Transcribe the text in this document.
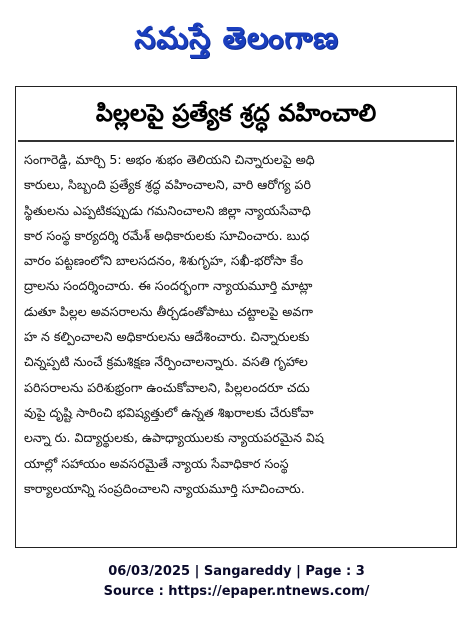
నమస్తే తెలంగాణ
పిల్లలపై ప్రత్యేక శ్రద్ధ వహించాలి
సంగారెడ్డి, మార్చి 5: అభం శుభం తెలియని చిన్నారులపై అధి
కారులు, సిబ్బంది ప్రత్యేక శ్రద్ధ వహించాలని, వారి ఆరోగ్య పరి
స్థితులను ఎప్పటికప్పుడు గమనించాలని జిల్లా న్యాయసేవాధి
కార సంస్థ కార్యదర్శి రమేశ్ అధికారులకు సూచించారు. బుధ
వారం పట్టణంలోని బాలసదనం, శిశుగృహ, సఖీ-భరోసా కేం
ద్రాలను సందర్శించారు. ఈ సందర్భంగా న్యాయమూర్తి మాట్లా
డుతూ పిల్లల అవసరాలను తీర్చడంతోపాటు చట్టాలపై అవగా
హ న కల్పించాలని అధికారులను ఆదేశించారు. చిన్నారులకు
చిన్నప్పటి నుంచే క్రమశిక్షణ నేర్పించాలన్నారు. వసతి గృహాల
పరిసరాలను పరిశుభ్రంగా ఉంచుకోవాలని, పిల్లలందరూ చదు
వుపై దృష్టి సారించి భవిష్యత్తులో ఉన్నత శిఖరాలకు చేరుకోవా
లన్నా రు. విద్యార్థులకు, ఉపాధ్యాయులకు న్యాయపరమైన విష
యాల్లో సహాయం అవసరమైతే న్యాయ సేవాధికార సంస్థ
కార్యాలయాన్ని సంప్రదించాలని న్యాయమూర్తి సూచించారు.
06/03/2025 | Sangareddy | Page : 3
Source : https://epaper.ntnews.com/
